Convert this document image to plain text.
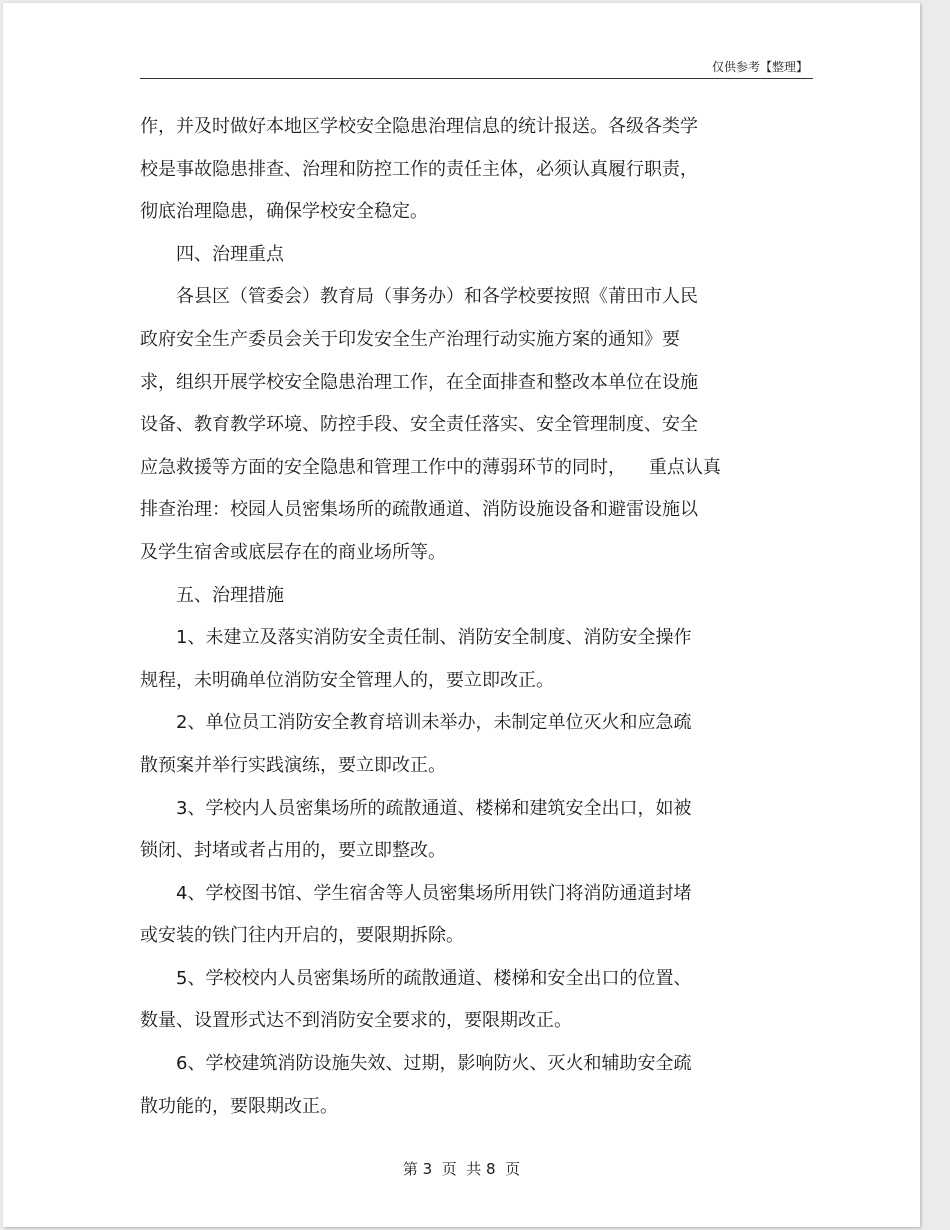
仅供参考【整理】
作，并及时做好本地区学校安全隐患治理信息的统计报送。各级各类学
校是事故隐患排查、治理和防控工作的责任主体，必须认真履行职责，
彻底治理隐患，确保学校安全稳定。
四、治理重点
各县区（管委会）教育局（事务办）和各学校要按照《莆田市人民
政府安全生产委员会关于印发安全生产治理行动实施方案的通知》要
求，组织开展学校安全隐患治理工作，在全面排查和整改本单位在设施
设备、教育教学环境、防控手段、安全责任落实、安全管理制度、安全
应急救援等方面的安全隐患和管理工作中的薄弱环节的同时，    重点认真
排查治理：校园人员密集场所的疏散通道、消防设施设备和避雷设施以
及学生宿舍或底层存在的商业场所等。
五、治理措施
1、未建立及落实消防安全责任制、消防安全制度、消防安全操作
规程，未明确单位消防安全管理人的，要立即改正。
2、单位员工消防安全教育培训未举办，未制定单位灭火和应急疏
散预案并举行实践演练，要立即改正。
3、学校内人员密集场所的疏散通道、楼梯和建筑安全出口，如被
锁闭、封堵或者占用的，要立即整改。
4、学校图书馆、学生宿舍等人员密集场所用铁门将消防通道封堵
或安装的铁门往内开启的，要限期拆除。
5、学校校内人员密集场所的疏散通道、楼梯和安全出口的位置、
数量、设置形式达不到消防安全要求的，要限期改正。
6、学校建筑消防设施失效、过期，影响防火、灭火和辅助安全疏
散功能的，要限期改正。
第 3  页  共 8  页
